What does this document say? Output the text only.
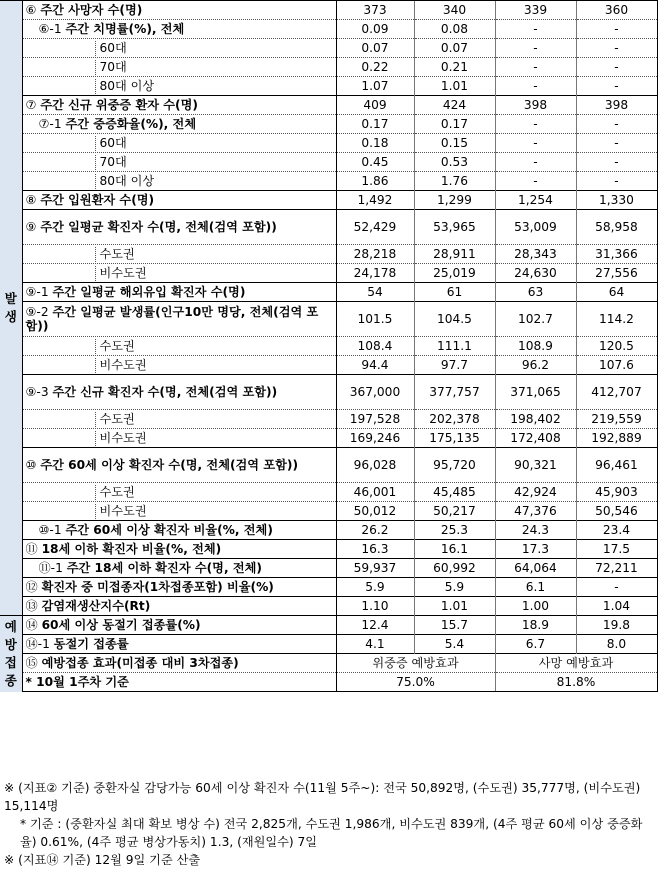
발생	⑥ 주간 사망자 수(명)	373	340	339	360
	⑥-1 주간 치명률(%), 전체	0.09	0.08	-	-
	60대	0.07	0.07	-	-
	70대	0.22	0.21	-	-
	80대 이상	1.07	1.01	-	-
	⑦ 주간 신규 위중증 환자 수(명)	409	424	398	398
	⑦-1 주간 중증화율(%), 전체	0.17	0.17	-	-
	60대	0.18	0.15	-	-
	70대	0.45	0.53	-	-
	80대 이상	1.86	1.76	-	-
	⑧ 주간 입원환자 수(명)	1,492	1,299	1,254	1,330
	⑨ 주간 일평균 확진자 수(명, 전체(검역 포함))	52,429	53,965	53,009	58,958
	수도권	28,218	28,911	28,343	31,366
	비수도권	24,178	25,019	24,630	27,556
	⑨-1 주간 일평균 해외유입 확진자 수(명)	54	61	63	64
	⑨-2 주간 일평균 발생률(인구10만 명당, 전체(검역 포함))	101.5	104.5	102.7	114.2
	수도권	108.4	111.1	108.9	120.5
	비수도권	94.4	97.7	96.2	107.6
	⑨-3 주간 신규 확진자 수(명, 전체(검역 포함))	367,000	377,757	371,065	412,707
	수도권	197,528	202,378	198,402	219,559
	비수도권	169,246	175,135	172,408	192,889
	⑩ 주간 60세 이상 확진자 수(명, 전체(검역 포함))	96,028	95,720	90,321	96,461
	수도권	46,001	45,485	42,924	45,903
	비수도권	50,012	50,217	47,376	50,546
	⑩-1 주간 60세 이상 확진자 비율(%, 전체)	26.2	25.3	24.3	23.4
	⑪ 18세 이하 확진자 비율(%, 전체)	16.3	16.1	17.3	17.5
	⑪-1 주간 18세 이하 확진자 수(명, 전체)	59,937	60,992	64,064	72,211
	⑫ 확진자 중 미접종자(1차접종포함) 비율(%)	5.9	5.9	6.1	-
	⑬ 감염재생산지수(Rt)	1.10	1.01	1.00	1.04
예
방
접
종	⑭ 60세 이상 동절기 접종률(%)	12.4	15.7	18.9	19.8
	⑭-1 동절기 접종률	4.1	5.4	6.7	8.0
	⑮ 예방접종 효과(미접종 대비 3차접종)	위중증 예방효과		사망 예방효과	
	* 10월 1주차 기준	75.0%		81.8%	

※ (지표② 기준) 중환자실 감당가능 60세 이상 확진자 수(11월 5주~): 전국 50,892명, (수도권) 35,777명, (비수도권) 15,114명

* 기준 : (중환자실 최대 확보 병상 수) 전국 2,825개, 수도권 1,986개, 비수도권 839개, (4주 평균 60세 이상 중증화율) 0.61%, (4주 평균 병상가동치) 1.3, (재원일수) 7일

※ (지표⑭ 기준) 12월 9일 기준 산출
